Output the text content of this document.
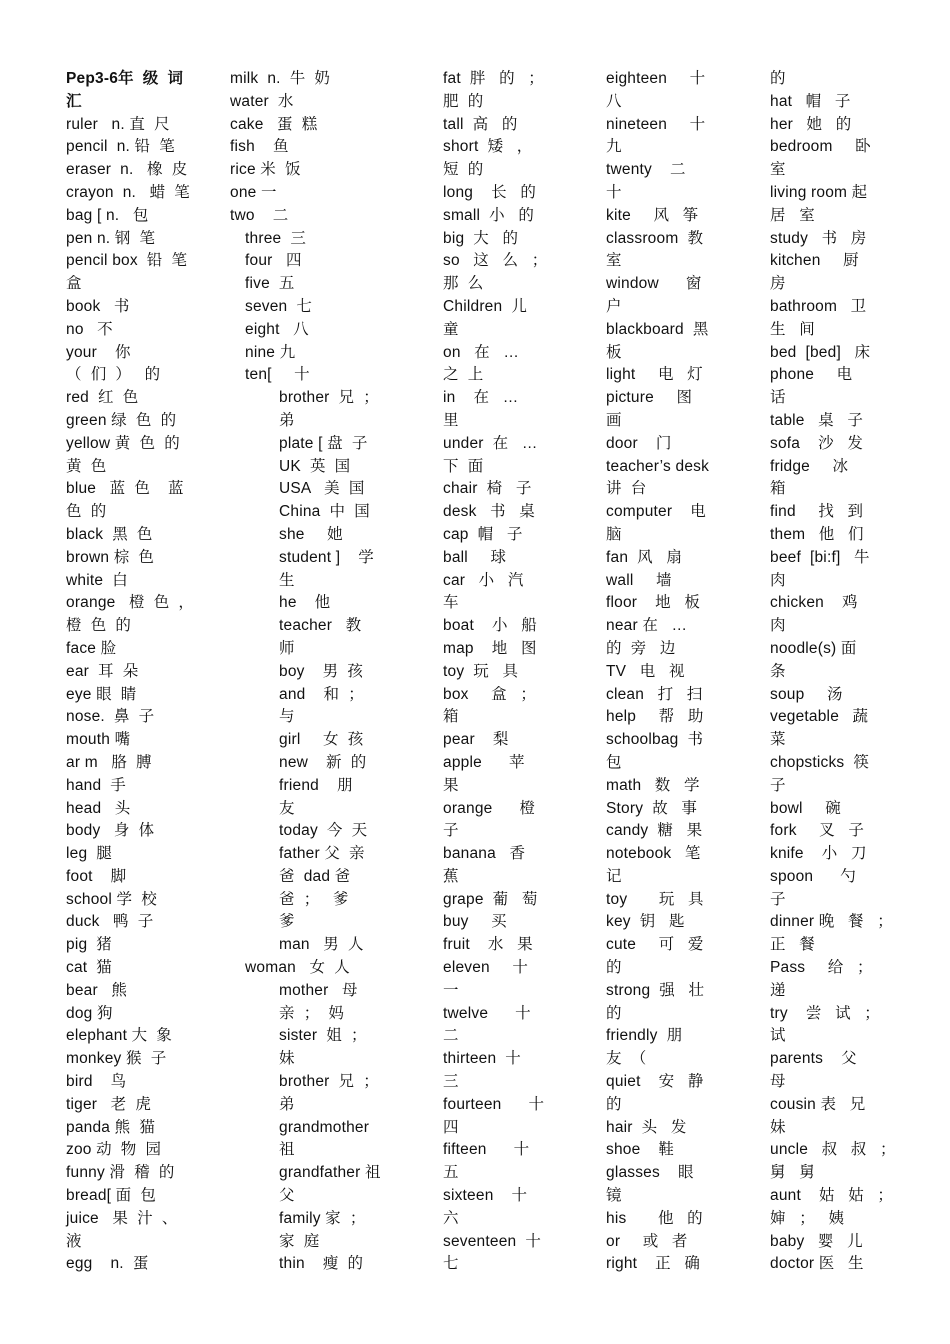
Pep3-6年  级  词
汇
ruler   n. 直  尺
pencil  n. 铅  笔
eraser  n.   橡  皮
crayon  n.   蜡  笔
bag [ n.   包
pen n. 钢  笔
pencil box  铅  笔
盒
book   书
no   不
your    你
（  们  ）   的
red  红  色
green 绿  色  的
yellow 黄  色  的
黄  色
blue   蓝  色    蓝
色  的
black  黑  色
brown 棕  色
white  白
orange   橙  色  ，
橙  色  的
face 脸
ear  耳  朵
eye 眼  睛
nose.  鼻  子
mouth 嘴
ar m   胳  膊
hand  手
head   头
body   身  体
leg  腿
foot    脚
school 学  校
duck   鸭  子
pig  猪
cat  猫
bear   熊
dog 狗
elephant 大  象
monkey 猴  子
bird    鸟
tiger   老  虎
panda 熊  猫
zoo 动  物  园
funny 滑  稽  的
bread[ 面  包
juice   果  汁  、
液
egg    n.  蛋
milk  n.  牛  奶
water  水
cake   蛋  糕
fish    鱼
rice 米  饭
one 一
two    二
three  三
four   四
five  五
seven  七
eight   八
nine 九
ten[     十
brother  兄  ；
弟
plate [ 盘  子
UK  英  国
USA   美  国
China  中  国
she     她
student ]    学
生
he    他
teacher   教
师
boy    男  孩
and    和  ；
与
girl     女  孩
new    新  的
friend    朋
友
today  今  天
father 父  亲
爸  dad 爸
爸  ；   爹
爹
man   男  人
woman   女  人
mother   母
亲  ；  妈
sister  姐  ；
妹
brother  兄  ；
弟
grandmother
祖
grandfather 祖
父
family 家  ；
家  庭
thin    瘦  的
fat  胖   的   ；
肥  的
tall  高   的
short  矮   ，
短  的
long    长   的
small  小   的
big  大   的
so   这   么   ；
那  么
Children  儿
童
on   在   …
之  上
in    在   …
里
under  在   …
下  面
chair  椅   子
desk   书   桌
cap  帽   子
ball     球
car   小   汽
车
boat    小   船
map    地   图
toy  玩   具
box     盒   ；
箱
pear    梨
apple      苹
果
orange      橙
子
banana   香
蕉
grape  葡   萄
buy     买
fruit    水   果
eleven     十
一
twelve      十
二
thirteen  十
三
fourteen      十
四
fifteen      十
五
sixteen    十
六
seventeen  十
七
eighteen     十
八
nineteen     十
九
twenty    二
十
kite     风   筝
classroom  教
室
window      窗
户
blackboard  黑
板
light     电   灯
picture     图
画
door    门
teacher’s desk
讲  台
computer    电
脑
fan  风   扇
wall     墙
floor    地   板
near 在   …
的  旁   边
TV   电   视
clean   打   扫
help     帮   助
schoolbag  书
包
math   数   学
Story  故   事
candy  糖   果
notebook   笔
记
toy       玩   具
key  钥   匙
cute     可   爱
的
strong  强   壮
的
friendly  朋
友  （
quiet    安   静
的
hair  头   发
shoe    鞋
glasses    眼
镜
his       他   的
or     或   者
right    正   确
的
hat   帽   子
her   她   的
bedroom     卧
室
living room 起
居   室
study   书   房
kitchen     厨
房
bathroom   卫
生   间
bed  [bed]   床
phone     电
话
table   桌   子
sofa    沙   发
fridge     冰
箱
find     找   到
them   他   们
beef  [bi:f]   牛
肉
chicken    鸡
肉
noodle(s) 面
条
soup     汤
vegetable   蔬
菜
chopsticks  筷
子
bowl     碗
fork     叉   子
knife    小   刀
spoon      勺
子
dinner 晚   餐   ；
正   餐
Pass     给   ；
递
try    尝   试   ；
试
parents    父
母
cousin 表   兄
妹
uncle   叔   叔   ；
舅   舅
aunt    姑   姑   ；
婶   ；   姨
baby   婴   儿
doctor 医   生
